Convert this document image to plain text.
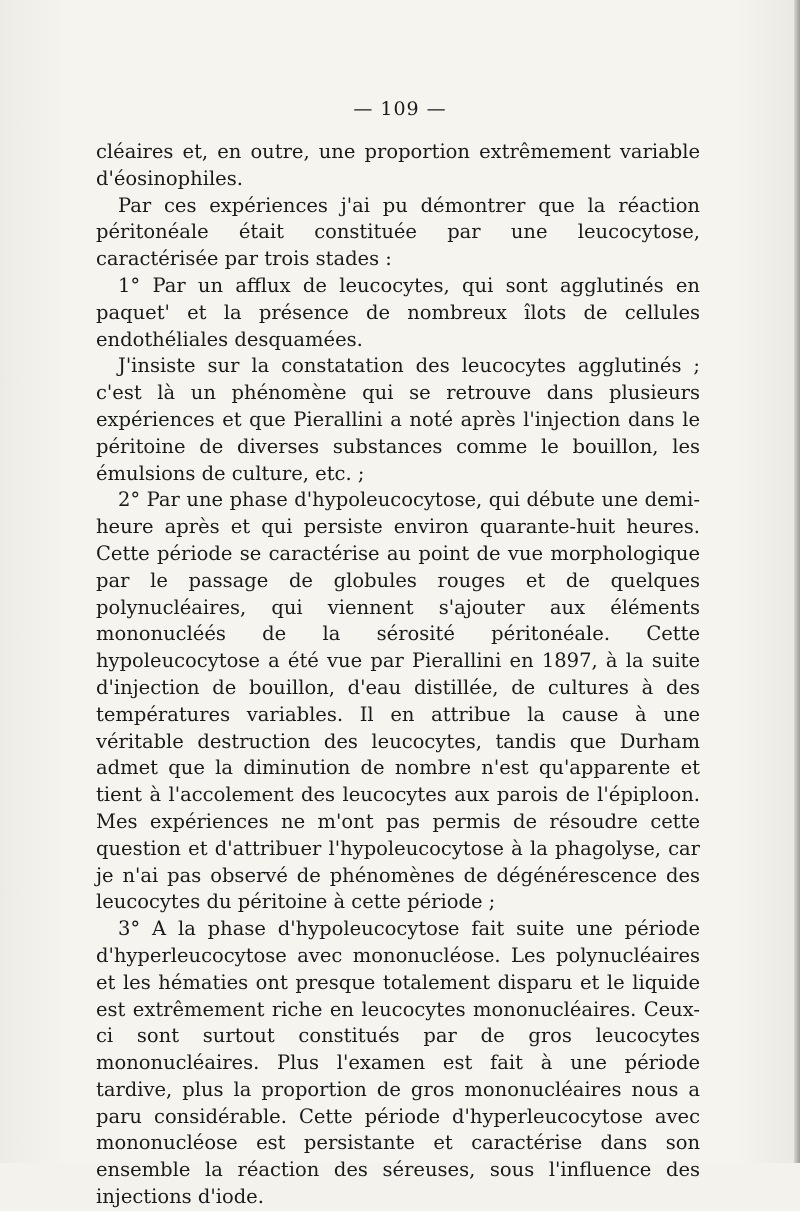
— 109 —

cléaires et, en outre, une proportion extrêmement variable d'éosinophiles.

Par ces expériences j'ai pu démontrer que la réaction péritonéale était constituée par une leucocytose, caractérisée par trois stades :

1° Par un afflux de leucocytes, qui sont agglutinés en paquet' et la présence de nombreux îlots de cellules endothéliales desquamées.

J'insiste sur la constatation des leucocytes agglutinés ; c'est là un phénomène qui se retrouve dans plusieurs expériences et que Pierallini a noté après l'injection dans le péritoine de diverses substances comme le bouillon, les émulsions de culture, etc. ;

2° Par une phase d'hypoleucocytose, qui débute une demi-heure après et qui persiste environ quarante-huit heures. Cette période se caractérise au point de vue morphologique par le passage de globules rouges et de quelques polynucléaires, qui viennent s'ajouter aux éléments mononucléés de la sérosité péritonéale. Cette hypoleucocytose a été vue par Pierallini en 1897, à la suite d'injection de bouillon, d'eau distillée, de cultures à des températures variables. Il en attribue la cause à une véritable destruction des leucocytes, tandis que Durham admet que la diminution de nombre n'est qu'apparente et tient à l'accolement des leucocytes aux parois de l'épiploon. Mes expériences ne m'ont pas permis de résoudre cette question et d'attribuer l'hypoleucocytose à la phagolyse, car je n'ai pas observé de phénomènes de dégénérescence des leucocytes du péritoine à cette période ;

3° A la phase d'hypoleucocytose fait suite une période d'hyperleucocytose avec mononucléose. Les polynucléaires et les hématies ont presque totalement disparu et le liquide est extrêmement riche en leucocytes mononucléaires. Ceux-ci sont surtout constitués par de gros leucocytes mononucléaires. Plus l'examen est fait à une période tardive, plus la proportion de gros mononucléaires nous a paru considérable. Cette période d'hyperleucocytose avec mononucléose est persistante et caractérise dans son ensemble la réaction des séreuses, sous l'influence des injections d'iode.
